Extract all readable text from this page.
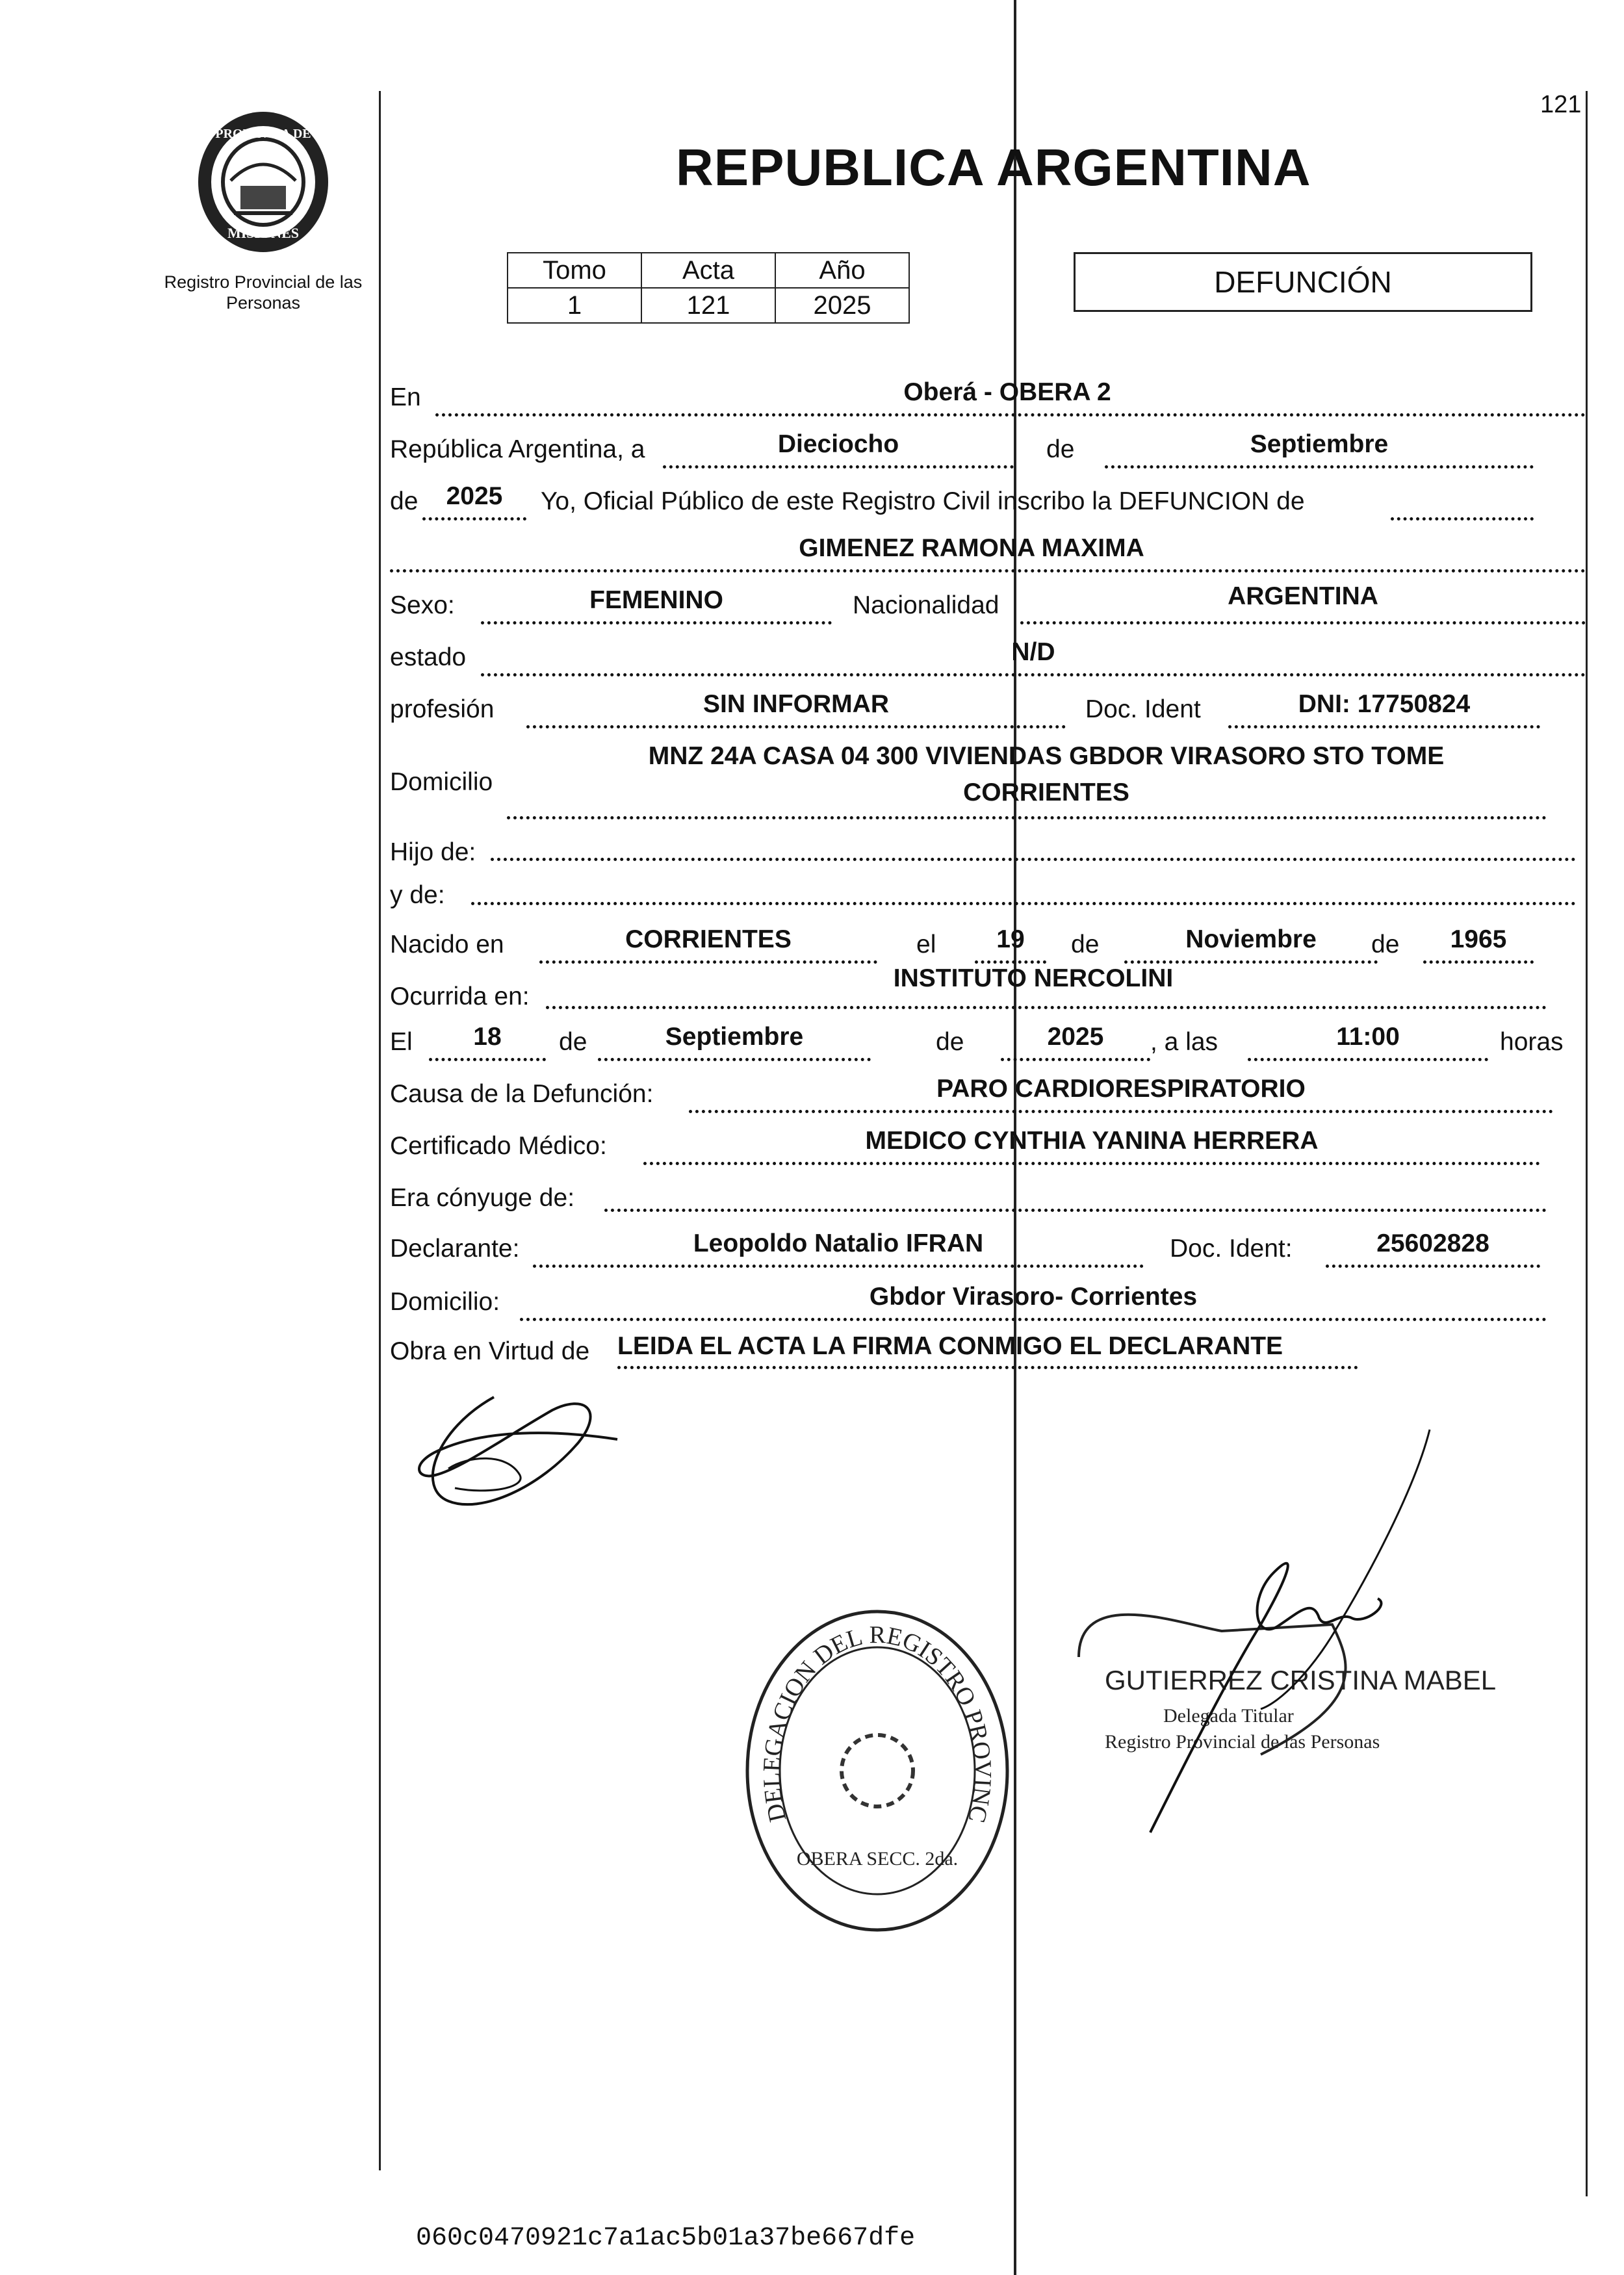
121
PROVINCIA DE
MISIONES
Registro Provincial de las Personas
REPUBLICA ARGENTINA
Tomo	Acta	Año
1	121	2025
DEFUNCIÓN
En	Oberá - OBERA 2
República Argentina, a	Dieciocho	de	Septiembre
de	2025	Yo, Oficial Público de este Registro Civil inscribo la DEFUNCION de
GIMENEZ RAMONA MAXIMA
Sexo:	FEMENINO	Nacionalidad	ARGENTINA
estado	N/D
profesión	SIN INFORMAR	Doc. Ident	DNI: 17750824
Domicilio
MNZ 24A CASA 04 300 VIVIENDAS GBDOR VIRASORO STO TOME
CORRIENTES
Hijo de:
y de:
Nacido en	CORRIENTES	el	19	de	Noviembre	de	1965
Ocurrida en:
INSTITUTO NERCOLINI
El	18	de	Septiembre	de	2025	, a las	11:00	horas
Causa de la Defunción:	PARO CARDIORESPIRATORIO
Certificado Médico:	MEDICO CYNTHIA YANINA HERRERA
Era cónyuge de:
Declarante:	Leopoldo Natalio IFRAN	Doc. Ident:	25602828
Domicilio:	Gbdor Virasoro- Corrientes
Obra en Virtud de LEIDA EL ACTA LA FIRMA CONMIGO EL DECLARANTE
DELEGACION DEL REGISTRO PROVINCIAL DE LAS PERSONAS
OBERA SECC. 2da.
GUTIERREZ CRISTINA MABEL
Delegada Titular
Registro Provincial de las Personas
060c0470921c7a1ac5b01a37be667dfe
